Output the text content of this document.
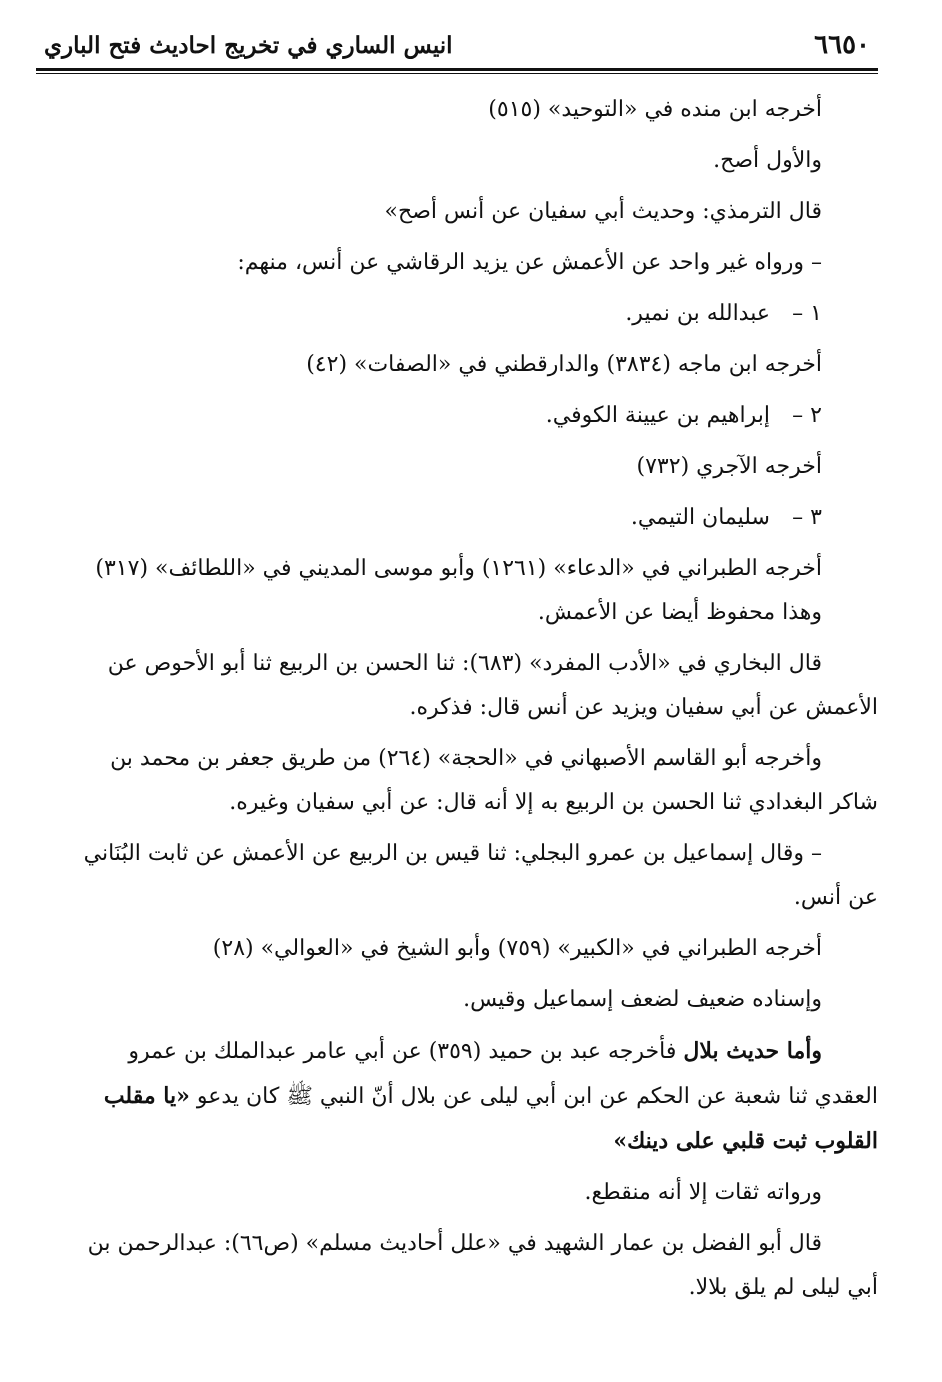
٦٦٥٠
انيس الساري في تخريج احاديث فتح الباري
أخرجه ابن منده في «التوحيد» (٥١٥)
والأول أصح.
قال الترمذي: وحديث أبي سفيان عن أنس أصح»
– ورواه غير واحد عن الأعمش عن يزيد الرقاشي عن أنس، منهم:
١ –عبدالله بن نمير.
أخرجه ابن ماجه (٣٨٣٤) والدارقطني في «الصفات» (٤٢)
٢ –إبراهيم بن عيينة الكوفي.
أخرجه الآجري (٧٣٢)
٣ –سليمان التيمي.
أخرجه الطبراني في «الدعاء» (١٢٦١) وأبو موسى المديني في «اللطائف» (٣١٧)
وهذا محفوظ أيضا عن الأعمش.
قال البخاري في «الأدب المفرد» (٦٨٣): ثنا الحسن بن الربيع ثنا أبو الأحوص عن
الأعمش عن أبي سفيان ويزيد عن أنس قال: فذكره.
وأخرجه أبو القاسم الأصبهاني في «الحجة» (٢٦٤) من طريق جعفر بن محمد بن
شاكر البغدادي ثنا الحسن بن الربيع به إلا أنه قال: عن أبي سفيان وغيره.
– وقال إسماعيل بن عمرو البجلي: ثنا قيس بن الربيع عن الأعمش عن ثابت البُنَاني
عن أنس.
أخرجه الطبراني في «الكبير» (٧٥٩) وأبو الشيخ في «العوالي» (٢٨)
وإسناده ضعيف لضعف إسماعيل وقيس.
وأما حديث بلال فأخرجه عبد بن حميد (٣٥٩) عن أبي عامر عبدالملك بن عمرو
العقدي ثنا شعبة عن الحكم عن ابن أبي ليلى عن بلال أنّ النبي ﷺ كان يدعو «يا مقلب
القلوب ثبت قلبي على دينك»
ورواته ثقات إلا أنه منقطع.
قال أبو الفضل بن عمار الشهيد في «علل أحاديث مسلم» (ص٦٦): عبدالرحمن بن
أبي ليلى لم يلق بلالا.
